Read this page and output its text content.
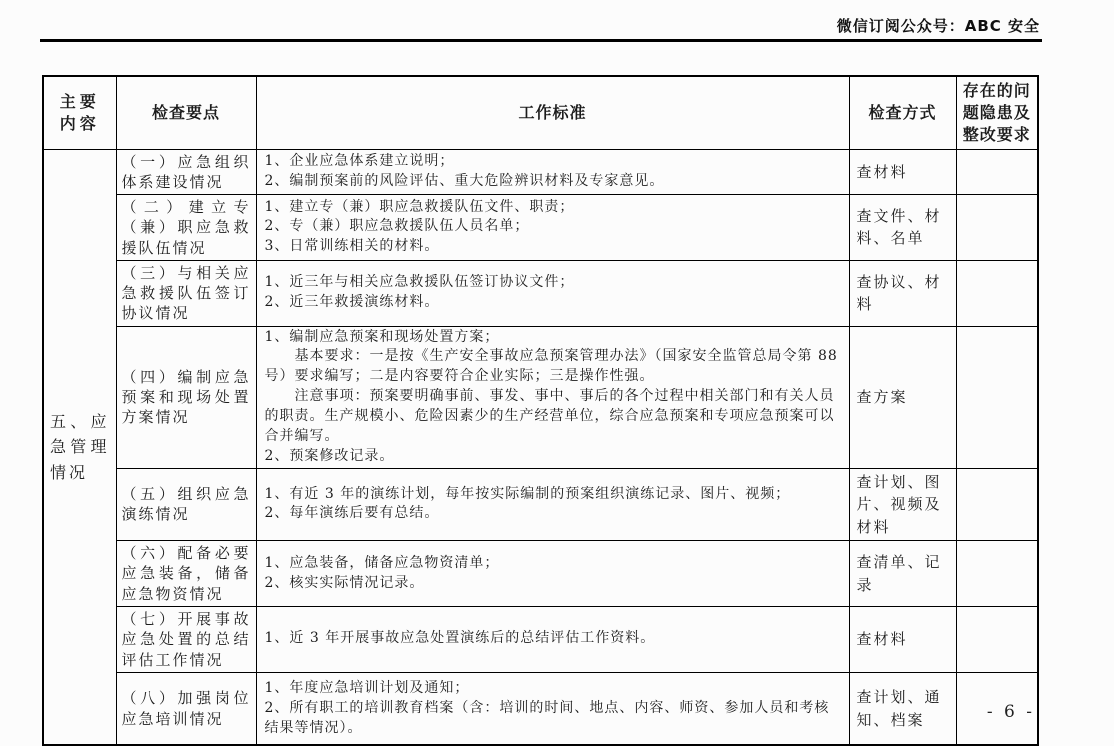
微信订阅公众号：ABC 安全
主要内容	检查要点	工作标准	检查方式	存在的问题隐患及整改要求
五、应急管理情况	（一）应急组织体系建设情况	1、企业应急体系建立说明；
2、编制预案前的风险评估、重大危险辨识材料及专家意见。	查材料	
	（二）建立专（兼）职应急救援队伍情况	1、建立专（兼）职应急救援队伍文件、职责；
2、专（兼）职应急救援队伍人员名单；
3、日常训练相关的材料。	查文件、材料、名单	
	（三）与相关应急救援队伍签订协议情况	1、近三年与相关应急救援队伍签订协议文件；
2、近三年救援演练材料。	查协议、材料	
	（四）编制应急预案和现场处置方案情况	1、编制应急预案和现场处置方案；
　　基本要求：一是按《生产安全事故应急预案管理办法》（国家安全监管总局令第 88 号）要求编写；二是内容要符合企业实际；三是操作性强。
　　注意事项：预案要明确事前、事发、事中、事后的各个过程中相关部门和有关人员的职责。生产规模小、危险因素少的生产经营单位，综合应急预案和专项应急预案可以合并编写。
2、预案修改记录。	查方案	
	（五）组织应急演练情况	1、有近 3 年的演练计划，每年按实际编制的预案组织演练记录、图片、视频；
2、每年演练后要有总结。	查计划、图片、视频及材料	
	（六）配备必要应急装备，储备应急物资情况	1、应急装备，储备应急物资清单；
2、核实实际情况记录。	查清单、记录	
	（七）开展事故应急处置的总结评估工作情况	1、近 3 年开展事故应急处置演练后的总结评估工作资料。	查材料	
	（八）加强岗位应急培训情况	1、年度应急培训计划及通知；
2、所有职工的培训教育档案（含：培训的时间、地点、内容、师资、参加人员和考核结果等情况）。	查计划、通知、档案		- 6 -
